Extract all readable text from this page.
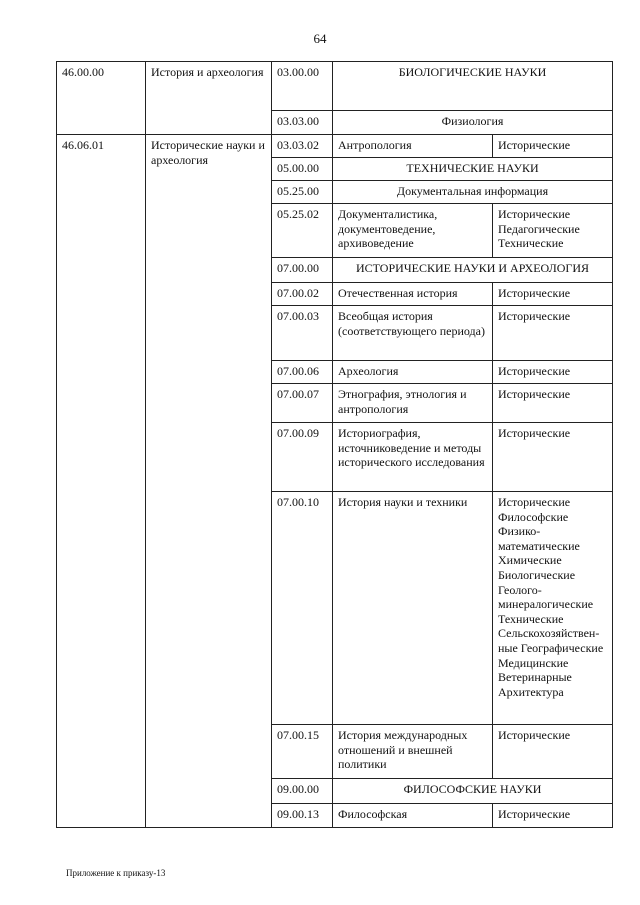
64
46.00.00	История и археология	03.00.00	БИОЛОГИЧЕСКИЕ НАУКИ	
		03.03.00	Физиология	
46.06.01	Исторические науки и археология	03.03.02	Антропология	Исторические
		05.00.00	ТЕХНИЧЕСКИЕ НАУКИ	
		05.25.00	Документальная информация	
		05.25.02	Документалистика, документоведение, архивоведение	Исторические Педагогические Технические
		07.00.00	ИСТОРИЧЕСКИЕ НАУКИ И АРХЕОЛОГИЯ	
		07.00.02	Отечественная история	Исторические
		07.00.03	Всеобщая история (соответствующего периода)	Исторические
		07.00.06	Археология	Исторические
		07.00.07	Этнография, этнология и антропология	Исторические
		07.00.09	Историография, источниковедение и методы исторического исследования	Исторические
		07.00.10	История науки и техники	Исторические Философские Физико-математические Химические Биологические Геолого-минералогические Технические Сельскохозяйствен-ные Географические Медицинские Ветеринарные Архитектура
		07.00.15	История международных отношений и внешней политики	Исторические
		09.00.00	ФИЛОСОФСКИЕ НАУКИ	
		09.00.13	Философская	Исторические
Приложение к приказу-13
